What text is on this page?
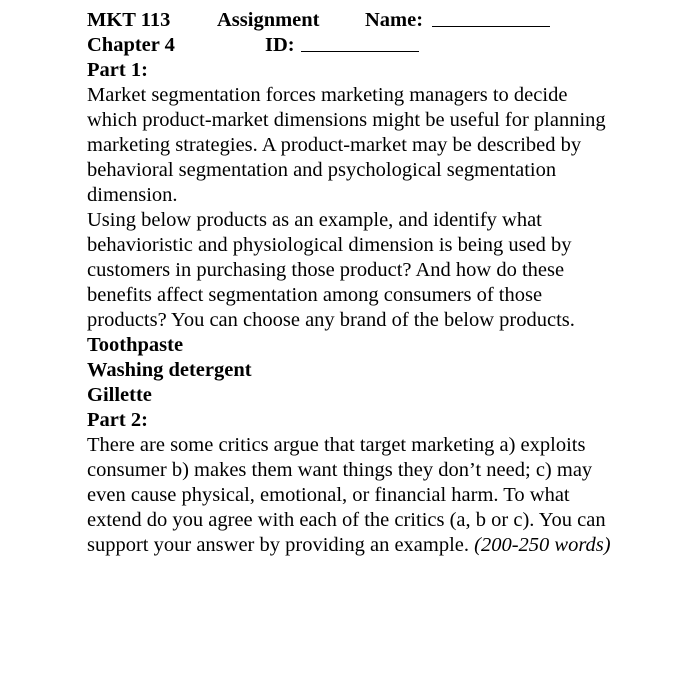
MKT 113 Assignment Name:
Chapter 4	ID:
Part 1:
Market segmentation forces marketing managers to decide
which product-market dimensions might be useful for planning
marketing strategies. A product-market may be described by
behavioral segmentation and psychological segmentation
dimension.
Using below products as an example, and identify what
behavioristic and physiological dimension is being used by
customers in purchasing those product? And how do these
benefits affect segmentation among consumers of those
products? You can choose any brand of the below products.
Toothpaste
Washing detergent
Gillette
Part 2:
There are some critics argue that target marketing a) exploits
consumer b) makes them want things they don’t need; c) may
even cause physical, emotional, or financial harm. To what
extend do you agree with each of the critics (a, b or c). You can
support your answer by providing an example. (200-250 words)
